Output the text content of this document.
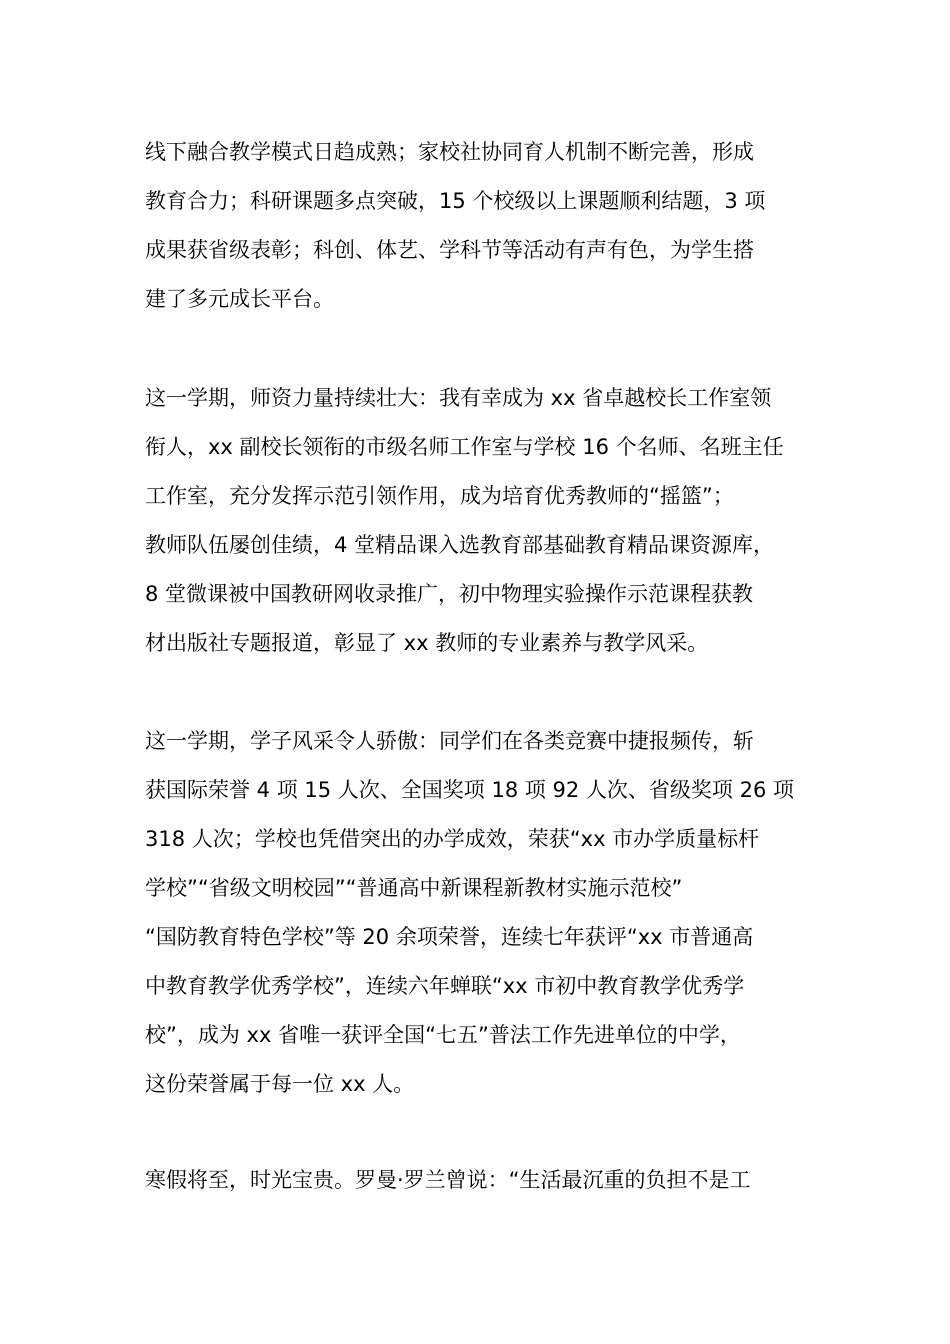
线下融合教学模式日趋成熟；家校社协同育人机制不断完善，形成
教育合力；科研课题多点突破，15 个校级以上课题顺利结题，3 项
成果获省级表彰；科创、体艺、学科节等活动有声有色，为学生搭
建了多元成长平台。
这一学期，师资力量持续壮大：我有幸成为 xx 省卓越校长工作室领
衔人，xx 副校长领衔的市级名师工作室与学校 16 个名师、名班主任
工作室，充分发挥示范引领作用，成为培育优秀教师的“摇篮”；
教师队伍屡创佳绩，4 堂精品课入选教育部基础教育精品课资源库，
8 堂微课被中国教研网收录推广，初中物理实验操作示范课程获教
材出版社专题报道，彰显了 xx 教师的专业素养与教学风采。
这一学期，学子风采令人骄傲：同学们在各类竞赛中捷报频传，斩
获国际荣誉 4 项 15 人次、全国奖项 18 项 92 人次、省级奖项 26 项
318 人次；学校也凭借突出的办学成效，荣获“xx 市办学质量标杆
学校”“省级文明校园”“普通高中新课程新教材实施示范校”
“国防教育特色学校”等 20 余项荣誉，连续七年获评“xx 市普通高
中教育教学优秀学校”，连续六年蝉联“xx 市初中教育教学优秀学
校”，成为 xx 省唯一获评全国“七五”普法工作先进单位的中学，
这份荣誉属于每一位 xx 人。
寒假将至，时光宝贵。罗曼·罗兰曾说：“生活最沉重的负担不是工
